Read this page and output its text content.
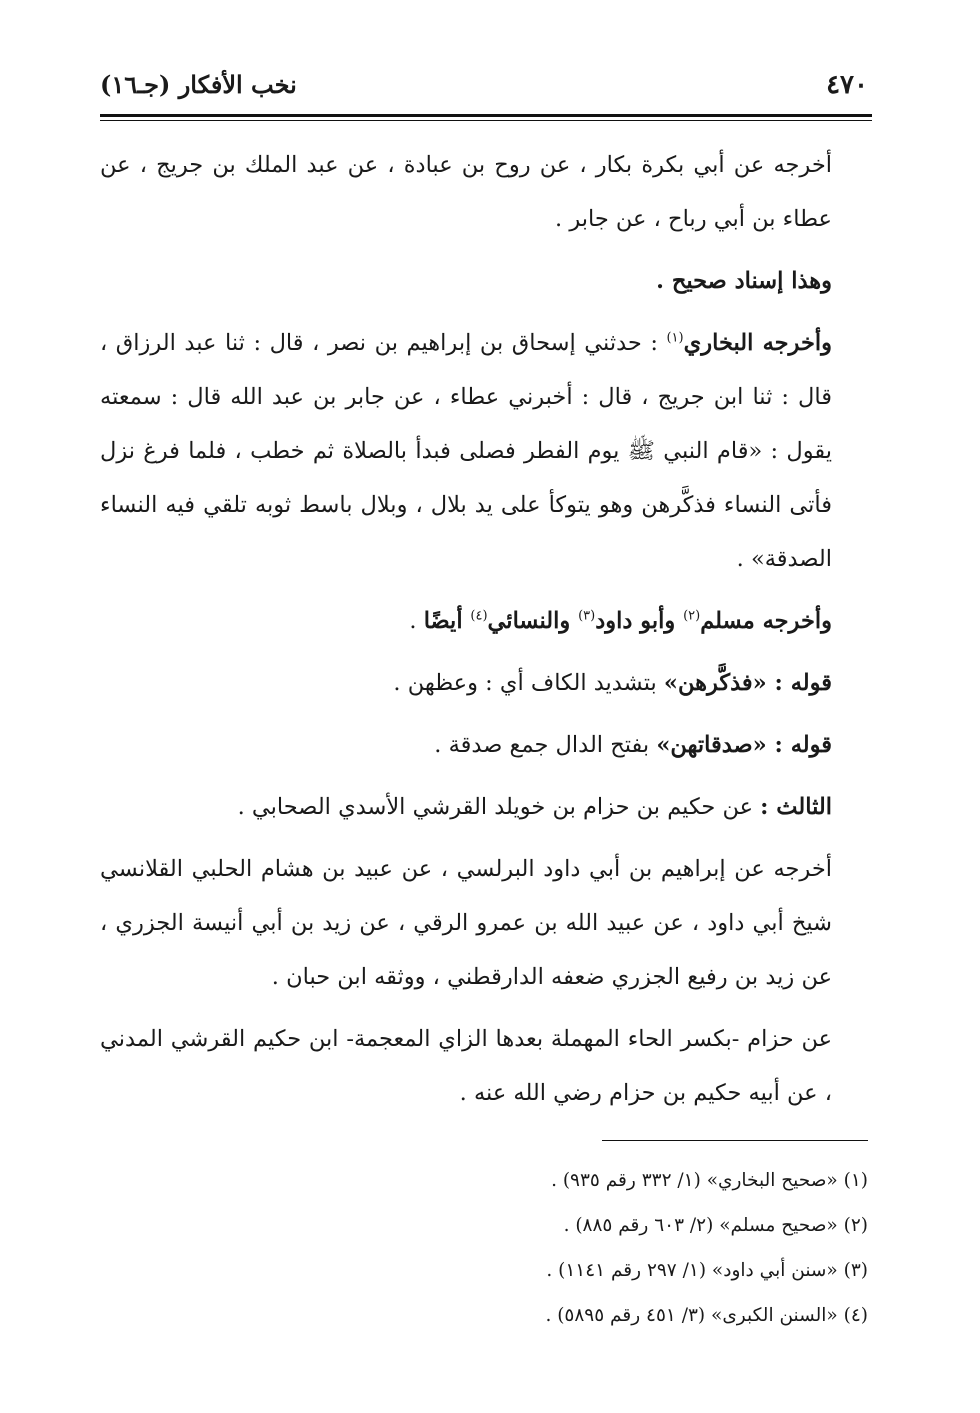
٤٧٠
نخب الأفكار (جـ١٦)

أخرجه عن أبي بكرة بكار ، عن روح بن عبادة ، عن عبد الملك بن جريج ، عن عطاء بن أبي رباح ، عن جابر .

وهذا إسناد صحيح .

وأخرجه البخاري$^{(١)}$ : حدثني إسحاق بن إبراهيم بن نصر ، قال : ثنا عبد الرزاق ، قال : ثنا ابن جريج ، قال : أخبرني عطاء ، عن جابر بن عبد الله قال : سمعته يقول : «قام النبي ﷺ يوم الفطر فصلى فبدأ بالصلاة ثم خطب ، فلما فرغ نزل فأتى النساء فذكَّرهن وهو يتوكأ على يد بلال ، وبلال باسط ثوبه تلقي فيه النساء الصدقة» .

وأخرجه مسلم$^{(٢)}$ وأبو داود$^{(٣)}$ والنسائي$^{(٤)}$ أيضًا .

قوله : «فذكَّرهن» بتشديد الكاف أي : وعظهن .

قوله : «صدقاتهن» بفتح الدال جمع صدقة .

الثالث : عن حكيم بن حزام بن خويلد القرشي الأسدي الصحابي .

أخرجه عن إبراهيم بن أبي داود البرلسي ، عن عبيد بن هشام الحلبي القلانسي شيخ أبي داود ، عن عبيد الله بن عمرو الرقي ، عن زيد بن أبي أنيسة الجزري ، عن زيد بن رفيع الجزري ضعفه الدارقطني ، ووثقه ابن حبان .

عن حزام -بكسر الحاء المهملة بعدها الزاي المعجمة- ابن حكيم القرشي المدني ، عن أبيه حكيم بن حزام رضي الله عنه .

(١) «صحيح البخاري» (١/ ٣٣٢ رقم ٩٣٥) .

(٢) «صحيح مسلم» (٢/ ٦٠٣ رقم ٨٨٥) .

(٣) «سنن أبي داود» (١/ ٢٩٧ رقم ١١٤١) .

(٤) «السنن الكبرى» (٣/ ٤٥١ رقم ٥٨٩٥) .
